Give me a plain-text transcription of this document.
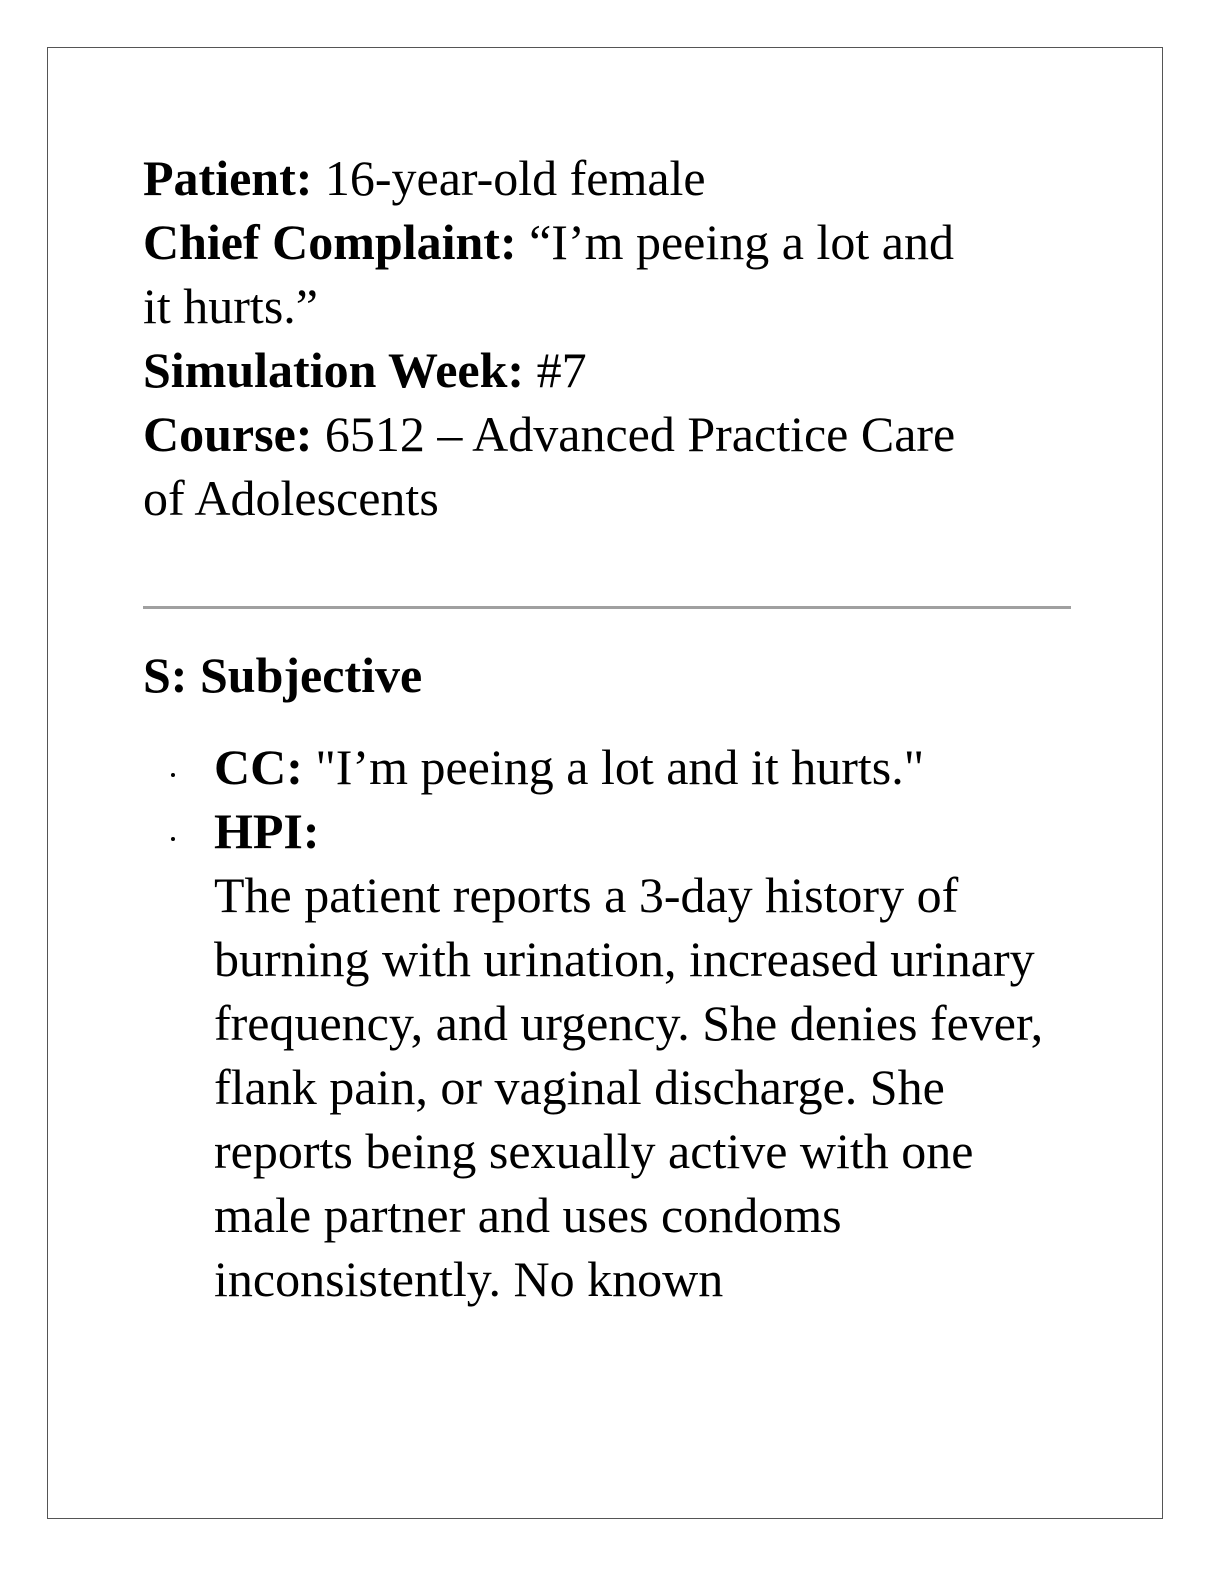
Patient: 16-year-old female
Chief Complaint: “I’m peeing a lot and it hurts.”
Simulation Week: #7
Course: 6512 – Advanced Practice Care of Adolescents
S: Subjective
CC: "I’m peeing a lot and it hurts."
HPI:
The patient reports a 3-day history of burning with urination, increased urinary frequency, and urgency. She denies fever, flank pain, or vaginal discharge. She reports being sexually active with one male partner and uses condoms inconsistently. No known
